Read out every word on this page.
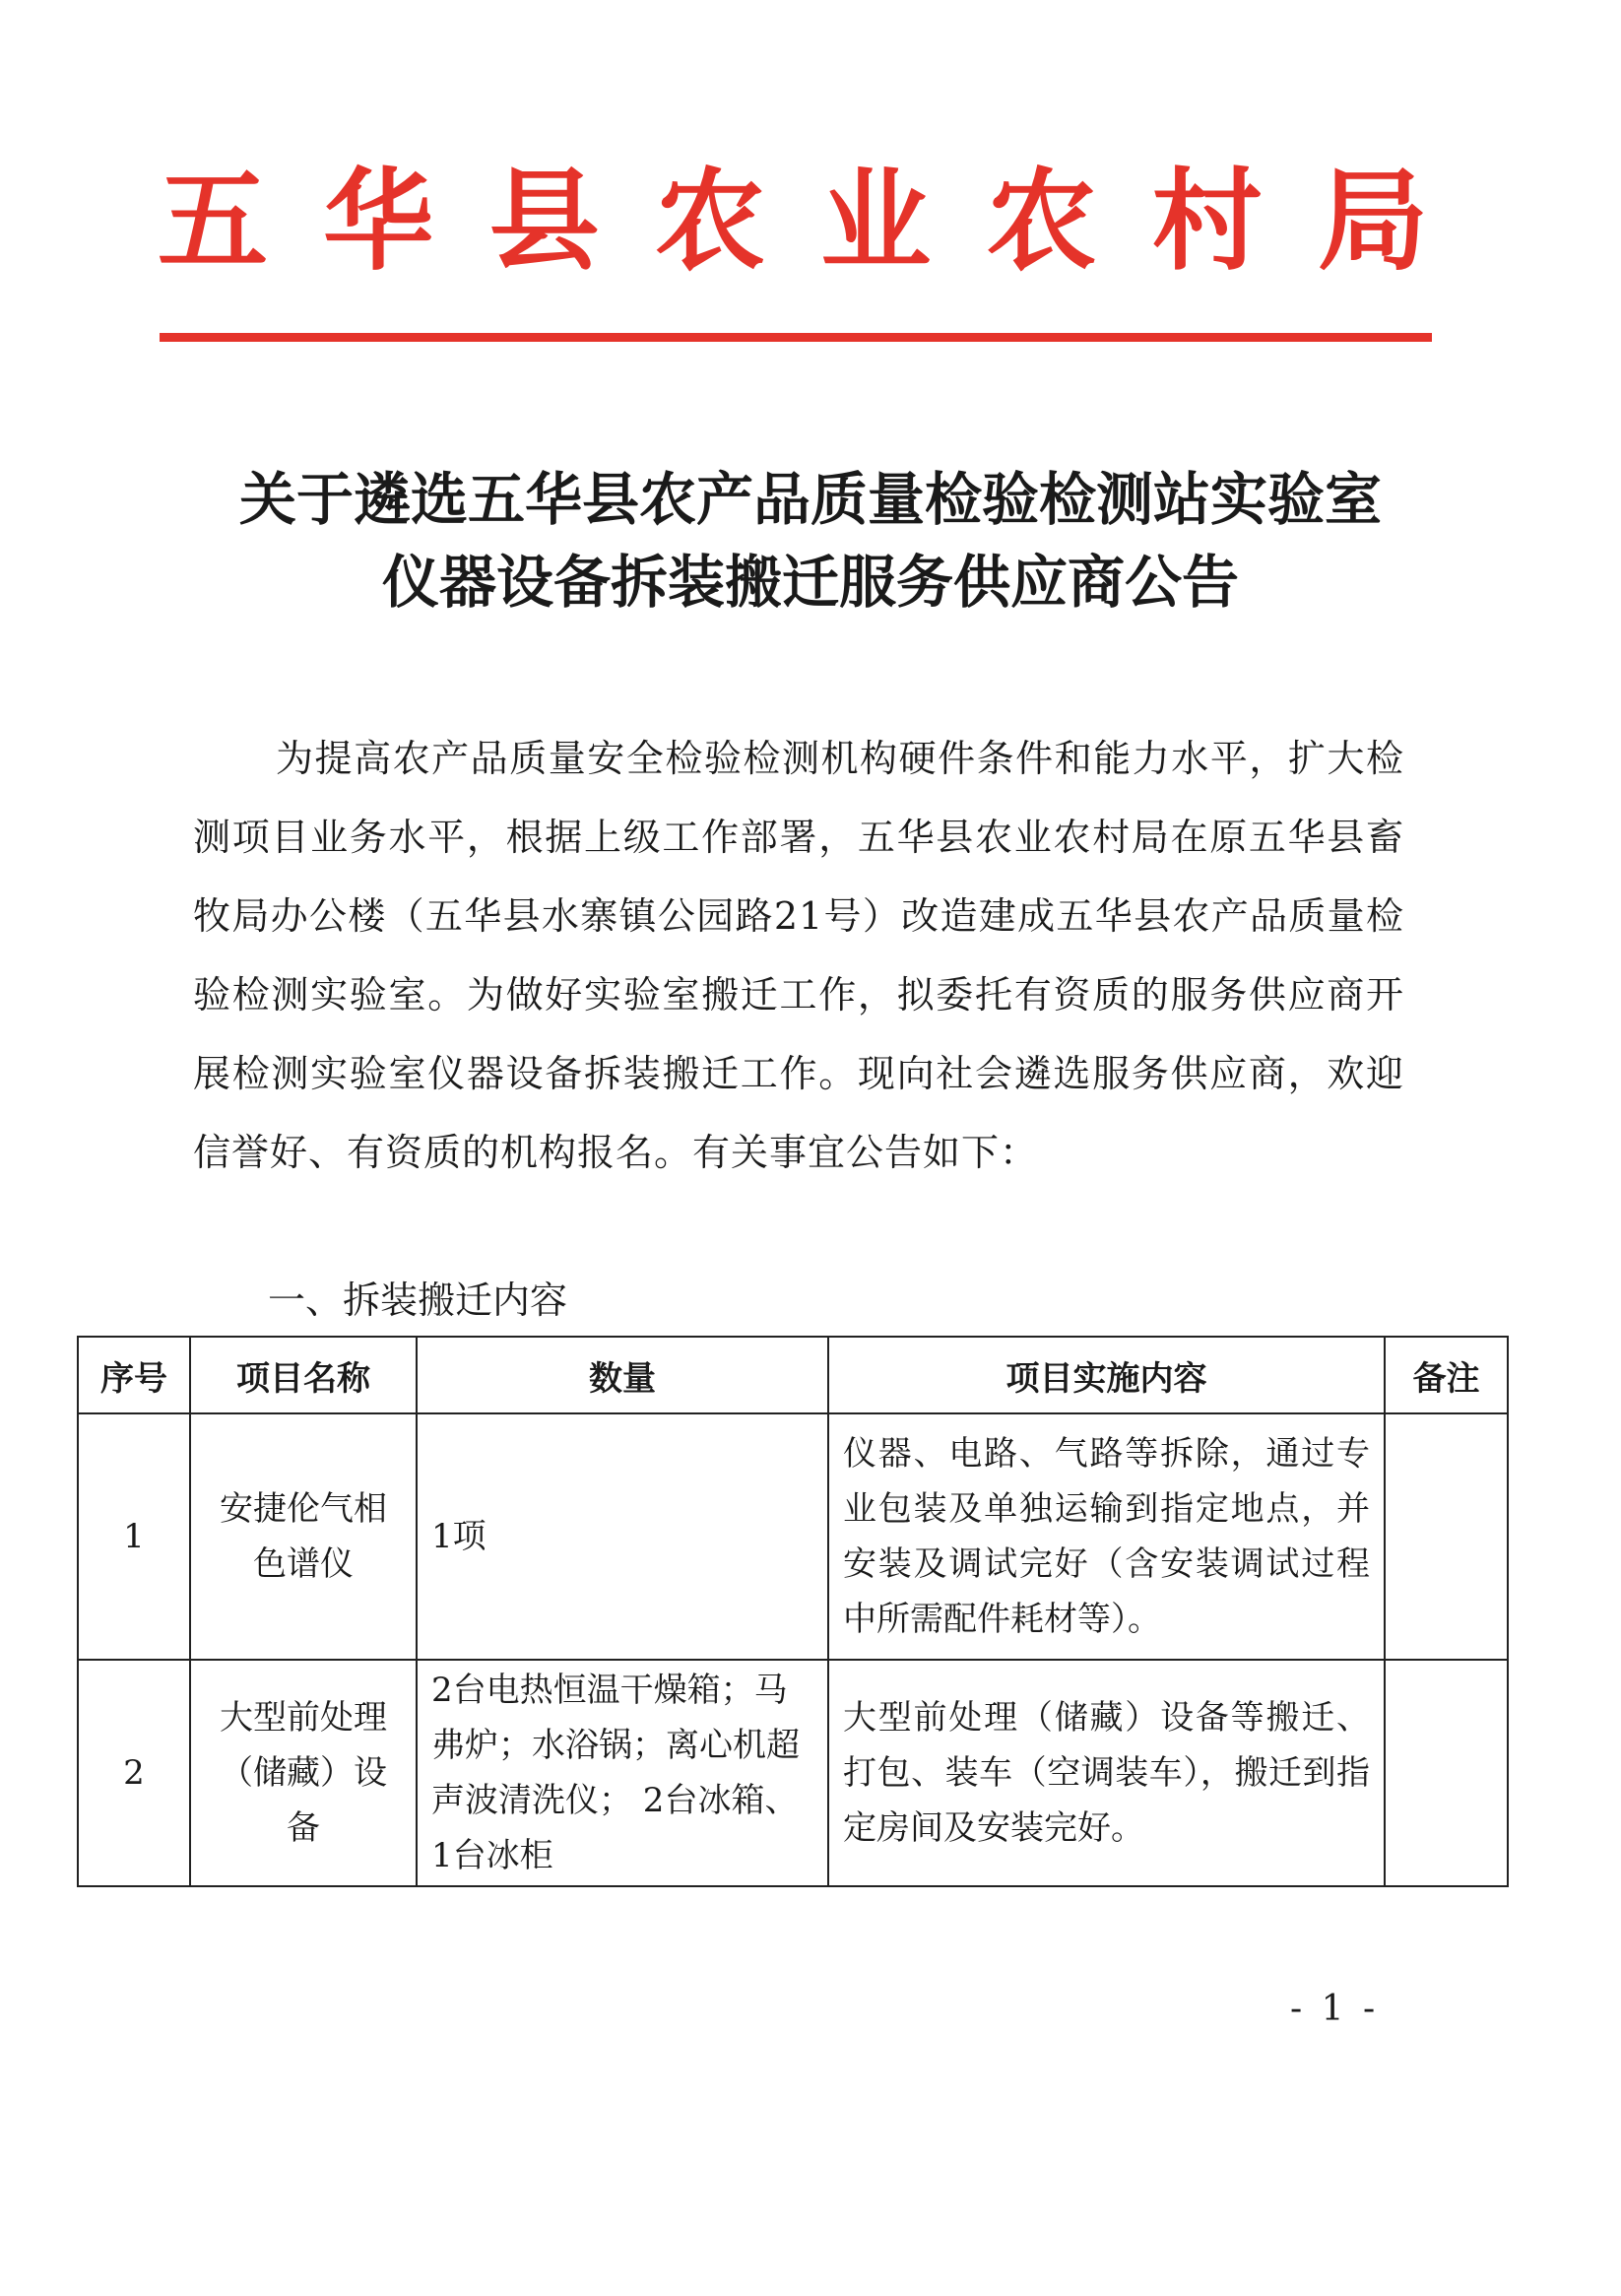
五 华 县 农 业 农 村 局
关于遴选五华县农产品质量检验检测站实验室
仪器设备拆装搬迁服务供应商公告

为提高农产品质量安全检验检测机构硬件条件和能力水平，扩大检测项目业务水平，根据上级工作部署，五华县农业农村局在原五华县畜牧局办公楼（五华县水寨镇公园路21号）改造建成五华县农产品质量检验检测实验室。为做好实验室搬迁工作，拟委托有资质的服务供应商开展检测实验室仪器设备拆装搬迁工作。现向社会遴选服务供应商，欢迎信誉好、有资质的机构报名。有关事宜公告如下：

一、拆装搬迁内容

序号	项目名称	数量	项目实施内容	备注
1	安捷伦气相色谱仪	1项	仪器、电路、气路等拆除，通过专业包装及单独运输到指定地点，并安装及调试完好（含安装调试过程中所需配件耗材等）。	
2	大型前处理（储藏）设备	2台电热恒温干燥箱；马弗炉；水浴锅；离心机超声波清洗仪； 2台冰箱、1台冰柜	大型前处理（储藏）设备等搬迁、打包、装车（空调装车），搬迁到指定房间及安装完好。	
- 1 -
